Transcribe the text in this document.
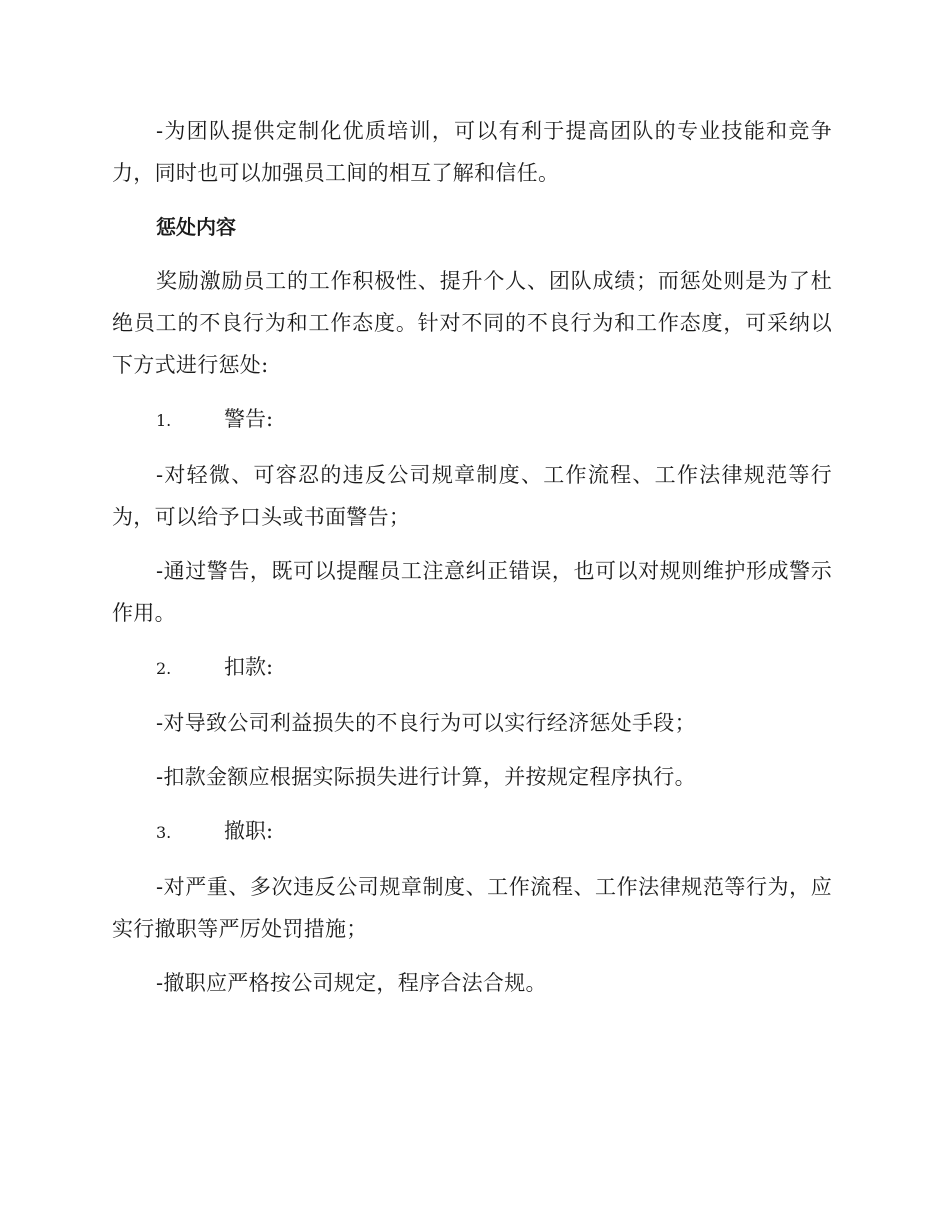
-为团队提供定制化优质培训，可以有利于提高团队的专业技能和竞争力，同时也可以加强员工间的相互了解和信任。

惩处内容

奖励激励员工的工作积极性、提升个人、团队成绩；而惩处则是为了杜绝员工的不良行为和工作态度。针对不同的不良行为和工作态度，可采纳以下方式进行惩处:

1.	警告:

-对轻微、可容忍的违反公司规章制度、工作流程、工作法律规范等行为，可以给予口头或书面警告；

-通过警告，既可以提醒员工注意纠正错误，也可以对规则维护形成警示作用。

2.	扣款:

-对导致公司利益损失的不良行为可以实行经济惩处手段；

-扣款金额应根据实际损失进行计算，并按规定程序执行。

3.	撤职:

-对严重、多次违反公司规章制度、工作流程、工作法律规范等行为，应实行撤职等严厉处罚措施；

-撤职应严格按公司规定，程序合法合规。
